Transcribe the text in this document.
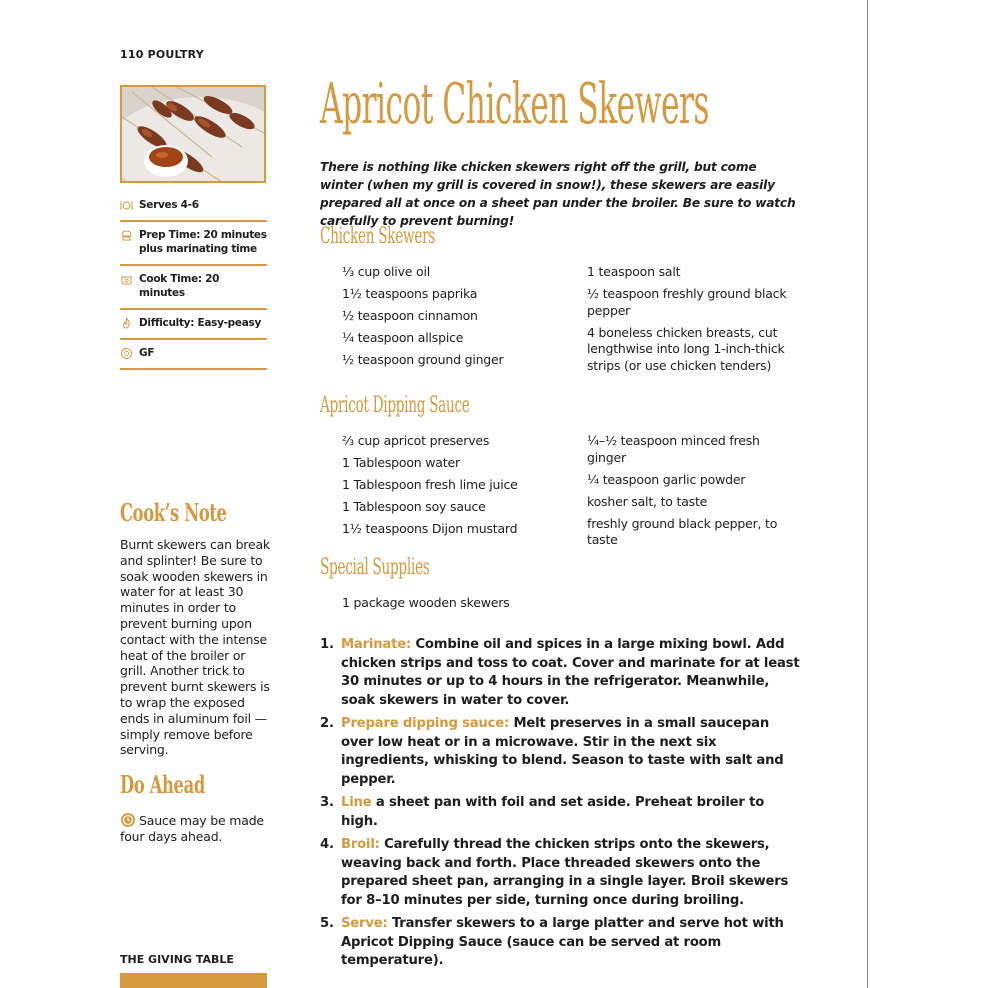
110 POULTRY
Serves 4-6
Prep Time: 20 minutes plus marinating time
Cook Time: 20 minutes
Difficulty: Easy-peasy
GF
Cook’s Note
Burnt skewers can break and splinter! Be sure to soak wooden skewers in water for at least 30 minutes in order to prevent burning upon contact with the intense heat of the broiler or grill. Another trick to prevent burnt skewers is to wrap the exposed ends in aluminum foil — simply remove before serving.
Do Ahead
Sauce may be made four days ahead.
THE GIVING TABLE
Apricot Chicken Skewers
There is nothing like chicken skewers right off the grill, but come winter (when my grill is covered in snow!), these skewers are easily prepared all at once on a sheet pan under the broiler. Be sure to watch carefully to prevent burning!
Chicken Skewers
⅓ cup olive oil
1½ teaspoons paprika
½ teaspoon cinnamon
¼ teaspoon allspice
½ teaspoon ground ginger
1 teaspoon salt
½ teaspoon freshly ground black pepper
4 boneless chicken breasts, cut lengthwise into long 1-inch-thick strips (or use chicken tenders)
Apricot Dipping Sauce
⅔ cup apricot preserves
1 Tablespoon water
1 Tablespoon fresh lime juice
1 Tablespoon soy sauce
1½ teaspoons Dijon mustard
¼–½ teaspoon minced fresh ginger
¼ teaspoon garlic powder
kosher salt, to taste
freshly ground black pepper, to taste
Special Supplies
1 package wooden skewers
1. Marinate: Combine oil and spices in a large mixing bowl. Add chicken strips and toss to coat. Cover and marinate for at least 30 minutes or up to 4 hours in the refrigerator. Meanwhile, soak skewers in water to cover.
2. Prepare dipping sauce: Melt preserves in a small saucepan over low heat or in a microwave. Stir in the next six ingredients, whisking to blend. Season to taste with salt and pepper.
3. Line a sheet pan with foil and set aside. Preheat broiler to high.
4. Broil: Carefully thread the chicken strips onto the skewers, weaving back and forth. Place threaded skewers onto the prepared sheet pan, arranging in a single layer. Broil skewers for 8–10 minutes per side, turning once during broiling.
5. Serve: Transfer skewers to a large platter and serve hot with Apricot Dipping Sauce (sauce can be served at room temperature).
